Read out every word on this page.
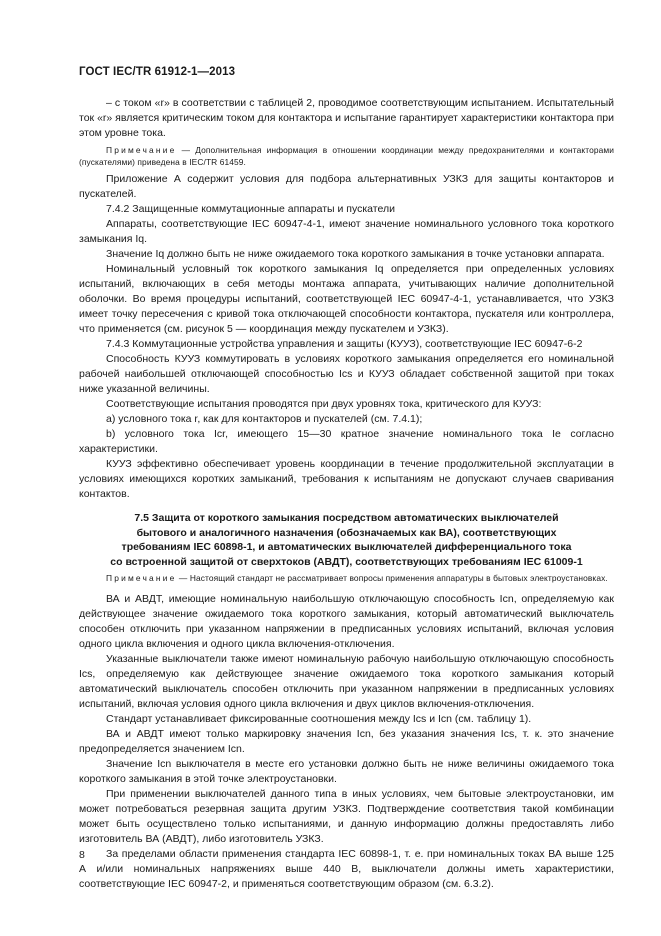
ГОСТ IEC/TR 61912-1—2013

– с током «r» в соответствии с таблицей 2, проводимое соответствующим испытанием. Испытательный ток «r» является критическим током для контактора и испытание гарантирует характеристики контактора при этом уровне тока.

Примечание — Дополнительная информация в отношении координации между предохранителями и контакторами (пускателями) приведена в IEC/TR 61459.

Приложение А содержит условия для подбора альтернативных УЗКЗ для защиты контакторов и пускателей.

7.4.2 Защищенные коммутационные аппараты и пускатели

Аппараты, соответствующие IEC 60947-4-1, имеют значение номинального условного тока короткого замыкания Iq.

Значение Iq должно быть не ниже ожидаемого тока короткого замыкания в точке установки аппарата.

Номинальный условный ток короткого замыкания Iq определяется при определенных условиях испытаний, включающих в себя методы монтажа аппарата, учитывающих наличие дополнительной оболочки. Во время процедуры испытаний, соответствующей IEC 60947-4-1, устанавливается, что УЗКЗ имеет точку пересечения с кривой тока отключающей способности контактора, пускателя или контроллера, что применяется (см. рисунок 5 — координация между пускателем и УЗКЗ).

7.4.3 Коммутационные устройства управления и защиты (КУУЗ), соответствующие IEC 60947-6-2

Способность КУУЗ коммутировать в условиях короткого замыкания определяется его номинальной рабочей наибольшей отключающей способностью Ics и КУУЗ обладает собственной защитой при токах ниже указанной величины.

Соответствующие испытания проводятся при двух уровнях тока, критического для КУУЗ:

a) условного тока r, как для контакторов и пускателей (см. 7.4.1);

b) условного тока Icr, имеющего 15—30 кратное значение номинального тока Ie согласно характеристики.

КУУЗ эффективно обеспечивает уровень координации в течение продолжительной эксплуатации в условиях имеющихся коротких замыканий, требования к испытаниям не допускают случаев сваривания контактов.

7.5 Защита от короткого замыкания посредством автоматических выключателей
бытового и аналогичного назначения (обозначаемых как ВА), соответствующих
требованиям IEC 60898-1, и автоматических выключателей дифференциального тока
со встроенной защитой от сверхтоков (АВДТ), соответствующих требованиям IEC 61009-1

Примечание — Настоящий стандарт не рассматривает вопросы применения аппаратуры в бытовых электроустановках.

ВА и АВДТ, имеющие номинальную наибольшую отключающую способность Icn, определяемую как действующее значение ожидаемого тока короткого замыкания, который автоматический выключатель способен отключить при указанном напряжении в предписанных условиях испытаний, включая условия одного цикла включения и одного цикла включения-отключения.

Указанные выключатели также имеют номинальную рабочую наибольшую отключающую способность Ics, определяемую как действующее значение ожидаемого тока короткого замыкания который автоматический выключатель способен отключить при указанном напряжении в предписанных условиях испытаний, включая условия одного цикла включения и двух циклов включения-отключения.

Стандарт устанавливает фиксированные соотношения между Ics и Icn (см. таблицу 1).

ВА и АВДТ имеют только маркировку значения Icn, без указания значения Ics, т. к. это значение предопределяется значением Icn.

Значение Icn выключателя в месте его установки должно быть не ниже величины ожидаемого тока короткого замыкания в этой точке электроустановки.

При применении выключателей данного типа в иных условиях, чем бытовые электроустановки, им может потребоваться резервная защита другим УЗКЗ. Подтверждение соответствия такой комбинации может быть осуществлено только испытаниями, и данную информацию должны предоставлять либо изготовитель ВА (АВДТ), либо изготовитель УЗКЗ.

За пределами области применения стандарта IEC 60898-1, т. е. при номинальных токах ВА выше 125 А и/или номинальных напряжениях выше 440 В, выключатели должны иметь характеристики, соответствующие IEC 60947-2, и применяться соответствующим образом (см. 6.3.2).

8
